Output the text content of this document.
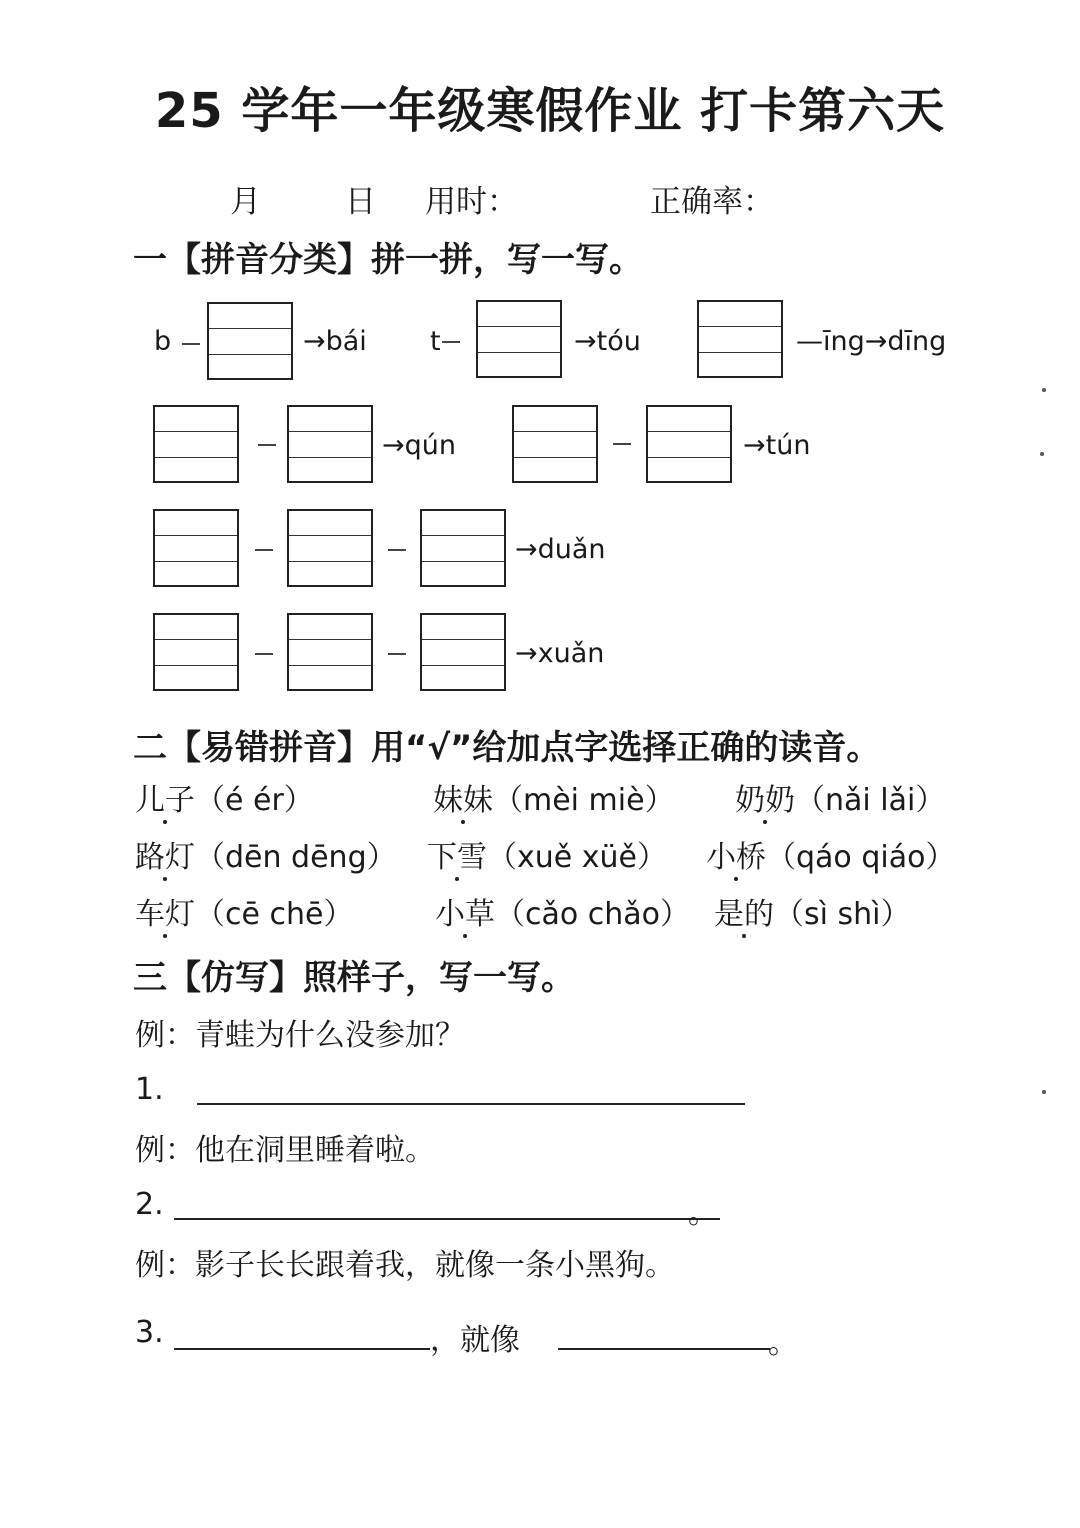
25 学年一年级寒假作业 打卡第六天
月	日 用时：	正确率：
一【拼音分类】拼一拼，写一写。
b	→bái t	→tóu	—īng→dīng
→qún	→tún
→duǎn
→xuǎn
二【易错拼音】用“√”给加点字选择正确的读音。
儿子（é ér）	妹妹（mèi miè） 奶奶（nǎi lǎi）
路灯（dēn dēng） 下雪（xuě xüě） 小桥（qáo qiáo）
车灯（cē chē）	小草（cǎo chǎo） 是的（sì shì）
三【仿写】照样子，写一写。
例：青蛙为什么没参加？
1.
例：他在洞里睡着啦。
2.	。
例：影子长长跟着我，就像一条小黑狗。
3.	，就像	。
